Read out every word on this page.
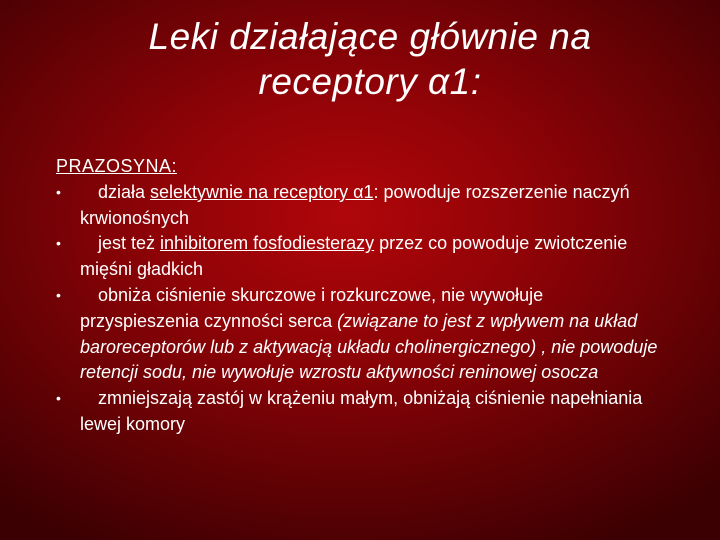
Leki działające głównie na
receptory α1:
PRAZOSYNA:
• działa selektywnie na receptory α1: powoduje rozszerzenie naczyń krwionośnych
• jest też inhibitorem fosfodiesterazy przez co powoduje zwiotczenie mięśni gładkich
• obniża ciśnienie skurczowe i rozkurczowe, nie wywołuje przyspieszenia czynności serca (związane to jest z wpływem na układ baroreceptorów lub z aktywacją układu cholinergicznego) , nie powoduje retencji sodu, nie wywołuje wzrostu aktywności reninowej osocza
• zmniejszają zastój w krążeniu małym, obniżają ciśnienie napełniania lewej komory
